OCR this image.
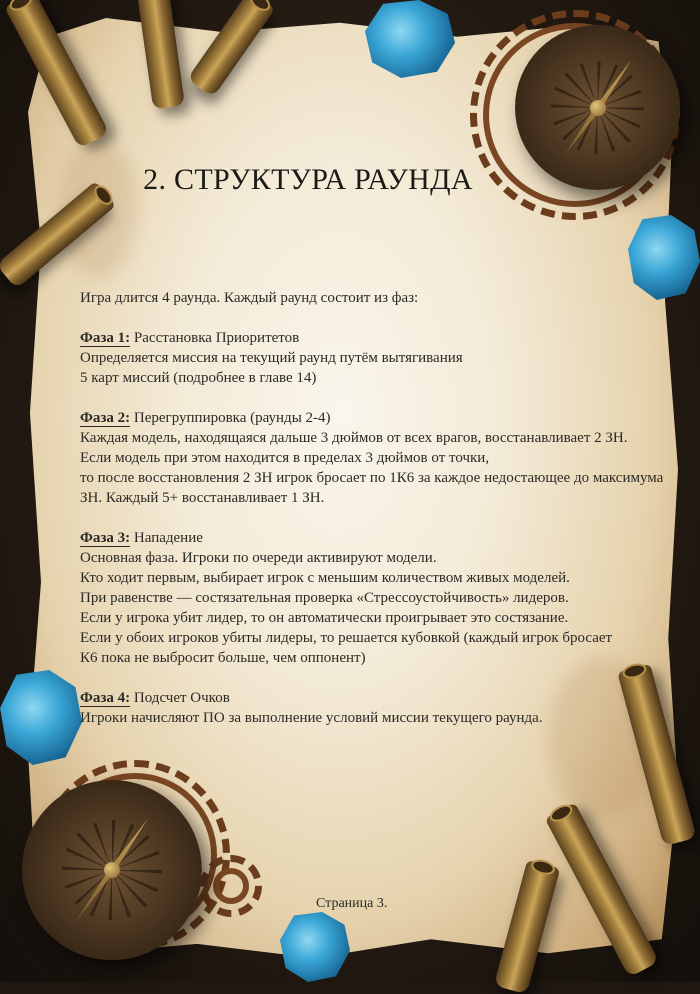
2. СТРУКТУРА РАУНДА

Игра длится 4 раунда. Каждый раунд состоит из фаз:

Фаза 1: Расстановка Приоритетов

Определяется миссия на текущий раунд путём вытягивания

5 карт миссий (подробнее в главе 14)

Фаза 2: Перегруппировка (раунды 2-4)

Каждая модель, находящаяся дальше 3 дюймов от всех врагов, восстанавливает 2 ЗН.

Если модель при этом находится в пределах 3 дюймов от точки,

то после восстановления 2 ЗН игрок бросает по 1К6 за каждое недостающее до максимума

ЗН. Каждый 5+ восстанавливает 1 ЗН.

Фаза 3: Нападение

Основная фаза. Игроки по очереди активируют модели.

Кто ходит первым, выбирает игрок с меньшим количеством живых моделей.

При равенстве — состязательная проверка «Стрессоустойчивость» лидеров.

Если у игрока убит лидер, то он автоматически проигрывает это состязание.

Если у обоих игроков убиты лидеры, то решается кубовкой (каждый игрок бросает

К6 пока не выбросит больше, чем оппонент)

Фаза 4: Подсчет Очков

Игроки начисляют ПО за выполнение условий миссии текущего раунда.

Страница 3.
